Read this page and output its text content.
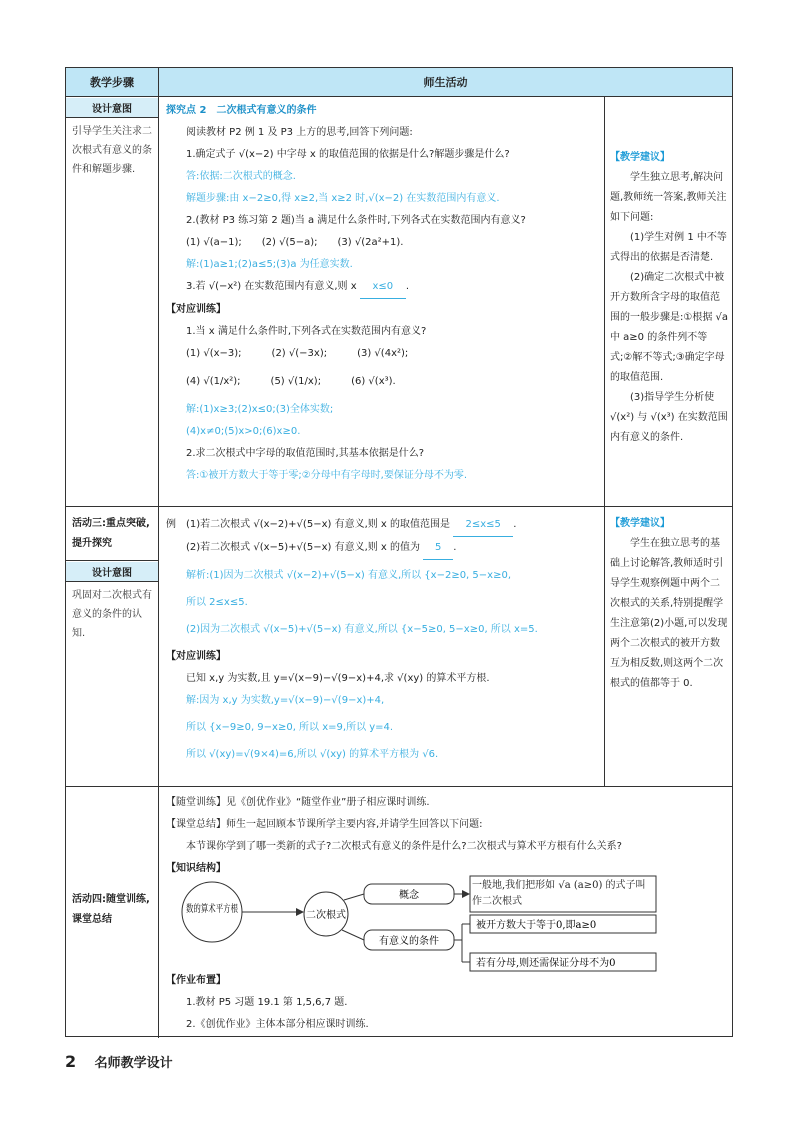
教学步骤	师生活动
设计意图
引导学生关注求二次根式有意义的条件和解题步骤.

探究点 2　二次根式有意义的条件

阅读教材 P2 例 1 及 P3 上方的思考,回答下列问题:

1.确定式子 √(x−2) 中字母 x 的取值范围的依据是什么?解题步骤是什么?

答:依据:二次根式的概念.

解题步骤:由 x−2≥0,得 x≥2,当 x≥2 时,√(x−2) 在实数范围内有意义.

2.(教材 P3 练习第 2 题)当 a 满足什么条件时,下列各式在实数范围内有意义?

(1) √(a−1);　　(2) √(5−a);　　(3) √(2a²+1).

解:(1)a≥1;(2)a≤5;(3)a 为任意实数.

3.若 √(−x²) 在实数范围内有意义,则 x x≤0 .

【对应训练】

1.当 x 满足什么条件时,下列各式在实数范围内有意义?

(1) √(x−3);　　　(2) √(−3x);　　　(3) √(4x²);

(4) √(1/x²);　　　(5) √(1/x);　　　(6) √(x³).

解:(1)x≥3;(2)x≤0;(3)全体实数;

(4)x≠0;(5)x>0;(6)x≥0.

2.求二次根式中字母的取值范围时,其基本依据是什么?

答:①被开方数大于等于零;②分母中有字母时,要保证分母不为零.

【教学建议】

学生独立思考,解决问题,教师统一答案,教师关注如下问题:

(1)学生对例 1 中不等式得出的依据是否清楚.

(2)确定二次根式中被开方数所含字母的取值范围的一般步骤是:①根据 √a 中 a≥0 的条件列不等式;②解不等式;③确定字母的取值范围.

(3)指导学生分析使 √(x²) 与 √(x³) 在实数范围内有意义的条件.

活动三:重点突破,提升探究
设计意图
巩固对二次根式有意义的条件的认知.

例　(1)若二次根式 √(x−2)+√(5−x) 有意义,则 x 的取值范围是 2≤x≤5 .

(2)若二次根式 √(x−5)+√(5−x) 有意义,则 x 的值为 5 .

解析:(1)因为二次根式 √(x−2)+√(5−x) 有意义,所以 {x−2≥0, 5−x≥0,

所以 2≤x≤5.

(2)因为二次根式 √(x−5)+√(5−x) 有意义,所以 {x−5≥0, 5−x≥0, 所以 x=5.

【对应训练】

已知 x,y 为实数,且 y=√(x−9)−√(9−x)+4,求 √(xy) 的算术平方根.

解:因为 x,y 为实数,y=√(x−9)−√(9−x)+4,

所以 {x−9≥0, 9−x≥0, 所以 x=9,所以 y=4.

所以 √(xy)=√(9×4)=6,所以 √(xy) 的算术平方根为 √6.

【教学建议】

学生在独立思考的基础上讨论解答,教师适时引导学生观察例题中两个二次根式的关系,特别提醒学生注意第(2)小题,可以发现两个二次根式的被开方数互为相反数,则这两个二次根式的值都等于 0.

活动四:随堂训练,课堂总结

【随堂训练】见《创优作业》“随堂作业”册子相应课时训练.

【课堂总结】师生一起回顾本节课所学主要内容,并请学生回答以下问题:

本节课你学到了哪一类新的式子?二次根式有意义的条件是什么?二次根式与算术平方根有什么关系?

【知识结构】

【作业布置】

1.教材 P5 习题 19.1 第 1,5,6,7 题.

2.《创优作业》主体本部分相应课时训练.

数的算术平方根
二次根式
概念
有意义的条件
一般地,我们把形如 √a (a≥0) 的式子叫作二次根式
被开方数大于等于0,即a≥0
若有分母,则还需保证分母不为0
2 名师教学设计
